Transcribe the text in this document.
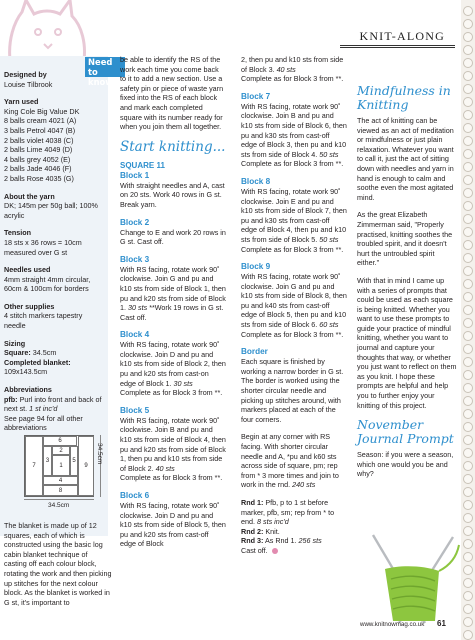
KNIT-ALONG
Need to know...

Designed by
Louise Tilbrook

Yarn used
King Cole Big Value DK
8 balls cream 4021 (A)
3 balls Petrol 4047 (B)
2 balls violet 4038 (C)
2 balls Lime 4049 (D)
4 balls grey 4052 (E)
2 balls Jade 4046 (F)
2 balls Rose 4035 (G)

About the yarn
DK; 145m per 50g ball; 100% acrylic

Tension
18 sts x 36 rows = 10cm measured over G st

Needles used
4mm straight 4mm circular, 60cm & 100cm for borders

Other supplies
4 stitch markers tapestry needle

Sizing
Square: 34.5cm
Completed blanket:
109x143.5cm

Abbreviations
pfb: Purl into front and back of next st. 1 st inc'd
See page 94 for all other abbreviations

6
2
7
3
1
5
9
4
8
34.5cm
34.5cm
The blanket is made up of 12 squares, each of which is constructed using the basic log cabin blanket technique of casting off each colour block, rotating the work and then picking up stitches for the next colour block. As the blanket is worked in G st, it's important to

be able to identify the RS of the work each time you come back to it to add a new section. Use a safety pin or piece of waste yarn fixed into the RS of each block and mark each completed square with its number ready for when you join them all together.

Start knitting...
SQUARE 11
Block 1

With straight needles and A, cast on 20 sts. Work 40 rows in G st. Break yarn.

Block 2

Change to E and work 20 rows in G st. Cast off.

Block 3

With RS facing, rotate work 90˚ clockwise. Join G and pu and k10 sts from side of Block 1, then pu and k20 sts from side of Block 1. 30 sts **Work 19 rows in G st. Cast off.

Block 4

With RS facing, rotate work 90˚ clockwise. Join D and pu and k10 sts from side of Block 2, then pu and k20 sts from cast-on edge of Block 1. 30 sts
Complete as for Block 3 from **.

Block 5

With RS facing, rotate work 90˚ clockwise. Join B and pu and k10 sts from side of Block 4, then pu and k20 sts from side of Block 1, then pu and k10 sts from side of Block 2. 40 sts
Complete as for Block 3 from **.

Block 6

With RS facing, rotate work 90˚ clockwise. Join D and pu and k10 sts from side of Block 5, then pu and k20 sts from cast-off edge of Block

2, then pu and k10 sts from side of Block 3. 40 sts
Complete as for Block 3 from **.

Block 7

With RS facing, rotate work 90˚ clockwise. Join B and pu and k10 sts from side of Block 6, then pu and k30 sts from cast-off edge of Block 3, then pu and k10 sts from side of Block 4. 50 sts
Complete as for Block 3 from **.

Block 8

With RS facing, rotate work 90˚ clockwise. Join E and pu and k10 sts from side of Block 7, then pu and k30 sts from cast-off edge of Block 4, then pu and k10 sts from side of Block 5. 50 sts
Complete as for Block 3 from **.

Block 9

With RS facing, rotate work 90˚ clockwise. Join G and pu and k10 sts from side of Block 8, then pu and k40 sts from cast-off edge of Block 5, then pu and k10 sts from side of Block 6. 60 sts
Complete as for Block 3 from **.

Border

Each square is finished by working a narrow border in G st. The border is worked using the shorter circular needle and picking up stitches around, with markers placed at each of the four corners.

Begin at any corner with RS facing. With shorter circular needle and A, *pu and k60 sts across side of square, pm; rep from * 3 more times and join to work in the rnd. 240 sts

Rnd 1: Pfb, p to 1 st before marker, pfb, sm; rep from * to end. 8 sts inc'd
Rnd 2: Knit.
Rnd 3: As Rnd 1. 256 sts
Cast off.

Mindfulness in Knitting

The act of knitting can be viewed as an act of meditation or mindfulness or just plain relaxation. Whatever you want to call it, just the act of sitting down with needles and yarn in hand is enough to calm and soothe even the most agitated mind.

As the great Elizabeth Zimmerman said, "Properly practised, knitting soothes the troubled spirit, and it doesn't hurt the untroubled spirit either."

With that in mind I came up with a series of prompts that could be used as each square is being knitted. Whether you want to use these prompts to guide your practice of mindful knitting, whether you want to journal and capture your thoughts that way, or whether you just want to reflect on them as you knit. I hope these prompts are helpful and help you to further enjoy your knitting of this project.

November Journal Prompt

Season: if you were a season, which one would you be and why?

www.knitnowmag.co.uk 61
